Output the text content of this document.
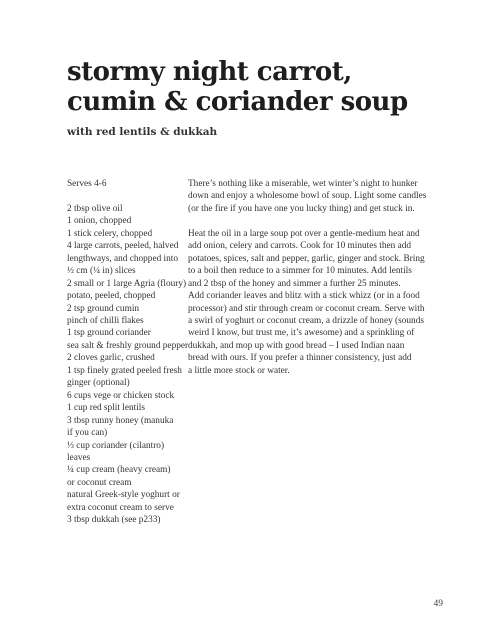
stormy night carrot,
cumin & coriander soup

with red lentils & dukkah

Serves 4-6
2 tbsp olive oil
1 onion, chopped
1 stick celery, chopped
4 large carrots, peeled, halved
lengthways, and chopped into
½ cm (¼ in) slices
2 small or 1 large Agria (floury)
potato, peeled, chopped
2 tsp ground cumin
pinch of chilli flakes
1 tsp ground coriander
sea salt & freshly ground pepper
2 cloves garlic, crushed
1 tsp finely grated peeled fresh
ginger (optional)
6 cups vege or chicken stock
1 cup red split lentils
3 tbsp runny honey (manuka
if you can)
⅓ cup coriander (cilantro)
leaves
¼ cup cream (heavy cream)
or coconut cream
natural Greek-style yoghurt or
extra coconut cream to serve
3 tbsp dukkah (see p233)
There’s nothing like a miserable, wet winter’s night to hunker
down and enjoy a wholesome bowl of soup. Light some candles
(or the fire if you have one you lucky thing) and get stuck in.
Heat the oil in a large soup pot over a gentle-medium heat and
add onion, celery and carrots. Cook for 10 minutes then add
potatoes, spices, salt and pepper, garlic, ginger and stock. Bring
to a boil then reduce to a simmer for 10 minutes. Add lentils
and 2 tbsp of the honey and simmer a further 25 minutes.
Add coriander leaves and blitz with a stick whizz (or in a food
processor) and stir through cream or coconut cream. Serve with
a swirl of yoghurt or coconut cream, a drizzle of honey (sounds
weird I know, but trust me, it’s awesome) and a sprinkling of
dukkah, and mop up with good bread – I used Indian naan
bread with ours. If you prefer a thinner consistency, just add
a little more stock or water.
49
